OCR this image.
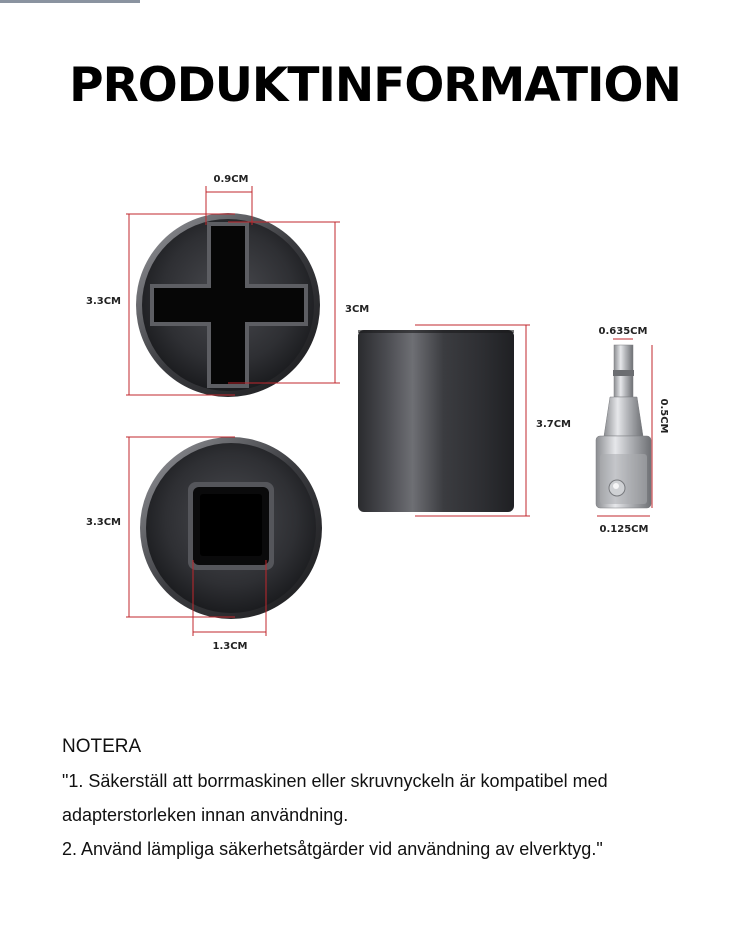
PRODUKTINFORMATION
0.9CM
3.3CM
3CM
3.3CM
1.3CM
3.7CM
0.635CM
0.5CM
0.125CM

NOTERA

"1. Säkerställ att borrmaskinen eller skruvnyckeln är kompatibel med

adapterstorleken innan användning.

2. Använd lämpliga säkerhetsåtgärder vid användning av elverktyg."
